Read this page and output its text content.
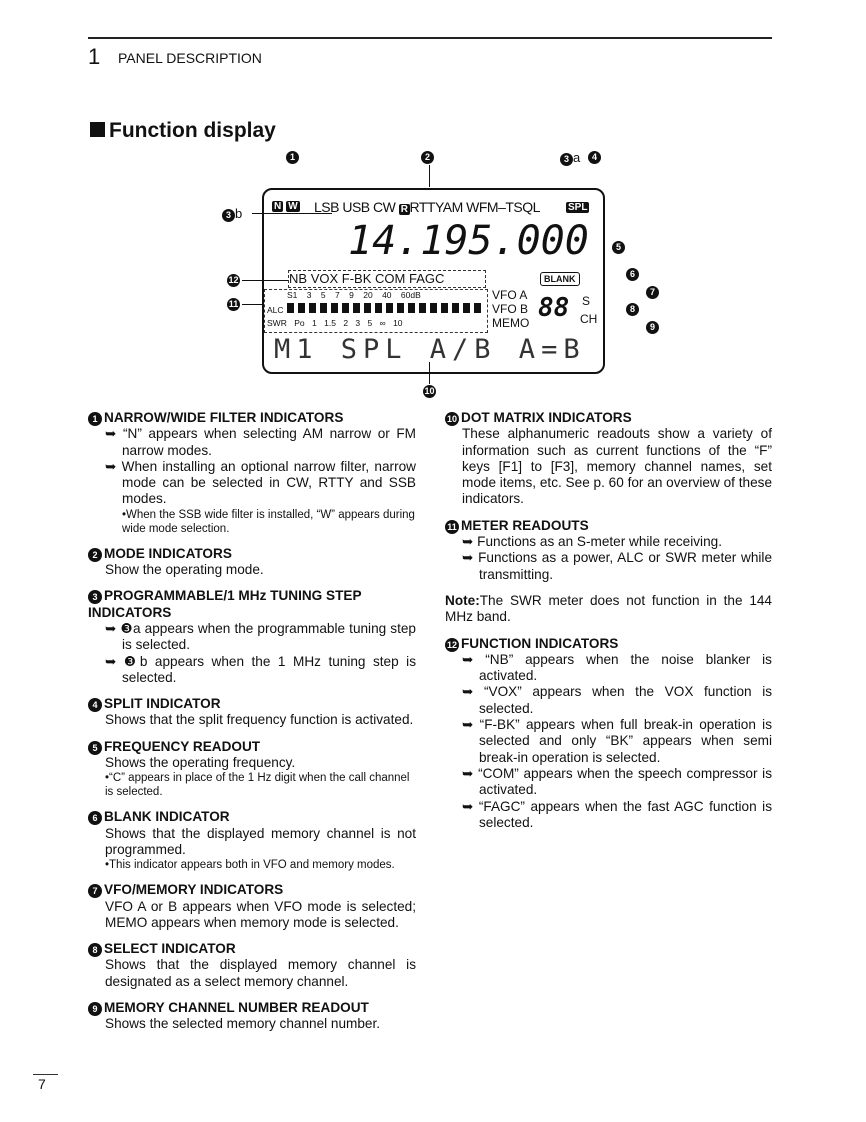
1 PANEL DESCRIPTION
Function display
1	2	3 a	4
3 b
5
6
7
8
9
10
11
12
N W LSB USB CW R RTTYAM WFM–TSQL	SPL
14.195.000
NB VOX F-BK COM FAGC
S1 3 5 7 9 20 40 60dB
ALC
SWR Po 1 1.5 2 3 5 ∞ 10
BLANK
VFO A
VFO B
MEMO 88 S
CH
M1 SPL A/B A=B
1 NARROW/WIDE FILTER INDICATORS
➥ “N” appears when selecting AM narrow or FM narrow modes.
➥ When installing an optional narrow filter, narrow mode can be selected in CW, RTTY and SSB modes.
•When the SSB wide filter is installed, “W” appears during wide mode selection.
2 MODE INDICATORS
Show the operating mode.
3 PROGRAMMABLE/1 MHz TUNING STEP INDICATORS
➥ ❸a appears when the programmable tuning step is selected.
➥ ❸b appears when the 1 MHz tuning step is selected.
4 SPLIT INDICATOR
Shows that the split frequency function is activated.
5 FREQUENCY READOUT
Shows the operating frequency.
•“C” appears in place of the 1 Hz digit when the call channel is selected.
6 BLANK INDICATOR
Shows that the displayed memory channel is not programmed.
•This indicator appears both in VFO and memory modes.
7 VFO/MEMORY INDICATORS
VFO A or B appears when VFO mode is selected; MEMO appears when memory mode is selected.
8 SELECT INDICATOR
Shows that the displayed memory channel is designated as a select memory channel.
9 MEMORY CHANNEL NUMBER READOUT
Shows the selected memory channel number.
10 DOT MATRIX INDICATORS
These alphanumeric readouts show a variety of information such as current functions of the “F” keys [F1] to [F3], memory channel names, set mode items, etc. See p. 60 for an overview of these indicators.
11 METER READOUTS
➥ Functions as an S-meter while receiving.
➥ Functions as a power, ALC or SWR meter while transmitting.
Note:The SWR meter does not function in the 144 MHz band.
12 FUNCTION INDICATORS
➥ “NB” appears when the noise blanker is activated.
➥ “VOX” appears when the VOX function is selected.
➥ “F-BK” appears when full break-in operation is selected and only “BK” appears when semi break-in operation is selected.
➥ “COM” appears when the speech compressor is activated.
➥ “FAGC” appears when the fast AGC function is selected.
7
